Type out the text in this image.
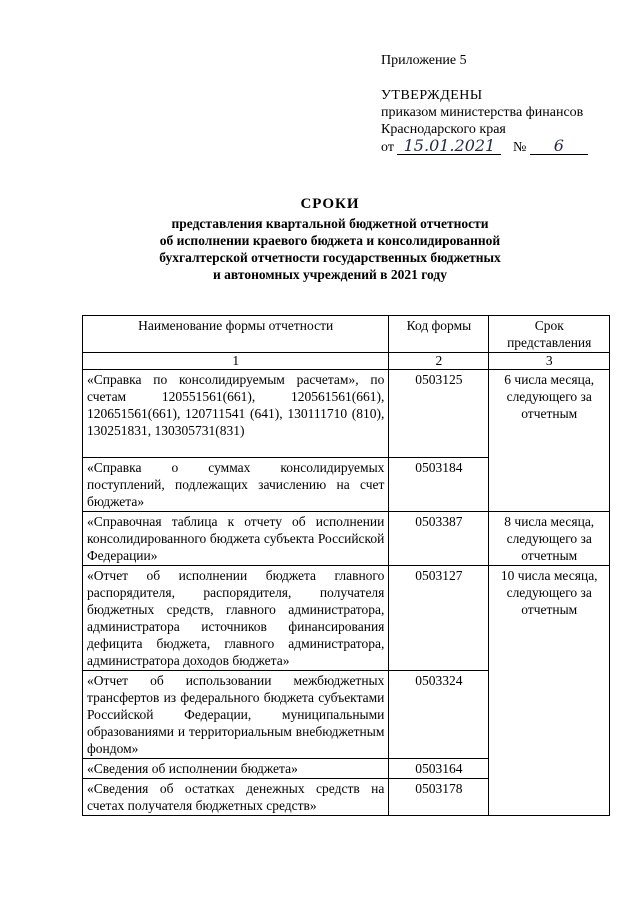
Приложение 5
УТВЕРЖДЕНЫ
приказом министерства финансов
Краснодарского края
от 15.01.2021 № 6
СРОКИ
представления квартальной бюджетной отчетности
об исполнении краевого бюджета и консолидированной
бухгалтерской отчетности государственных бюджетных
и автономных учреждений в 2021 году
Наименование формы отчетности	Код формы	Срок представления
1	2	3
«Справка по консолидируемым расчетам», по счетам 120551561(661), 120561561(661), 120651561(661), 120711541 (641), 130111710 (810), 130251831, 130305731(831)	0503125	6 числа месяца, следующего за отчетным
«Справка о суммах консолидируемых поступлений, подлежащих зачислению на счет бюджета»	0503184	
«Справочная таблица к отчету об исполнении консолидированного бюджета субъекта Российской Федерации»	0503387	8 числа месяца, следующего за отчетным
«Отчет об исполнении бюджета главного распорядителя, распорядителя, получателя бюджетных средств, главного администратора, администратора источников финансирования дефицита бюджета, главного администратора, администратора доходов бюджета»	0503127	10 числа месяца, следующего за отчетным
«Отчет об использовании межбюджетных трансфертов из федерального бюджета субъектами Российской Федерации, муниципальными образованиями и территориальным внебюджетным фондом»	0503324	
«Сведения об исполнении бюджета»	0503164	
«Сведения об остатках денежных средств на счетах получателя бюджетных средств»	0503178	
